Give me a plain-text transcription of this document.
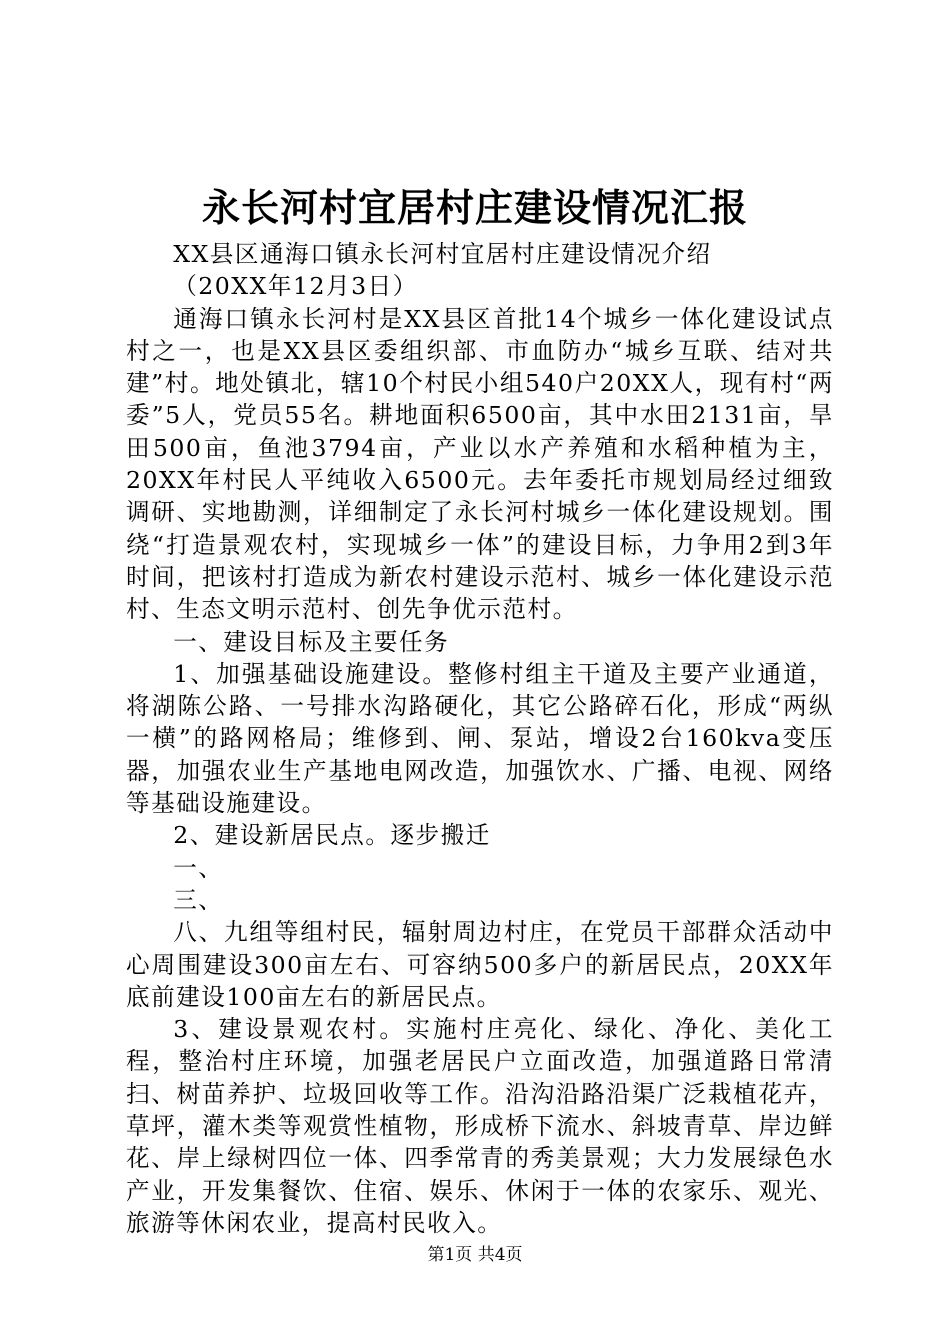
永长河村宜居村庄建设情况汇报

XX县区通海口镇永长河村宜居村庄建设情况介绍

（20XX年12月3日）

通海口镇永长河村是XX县区首批14个城乡一体化建设试点村之一，也是XX县区委组织部、市血防办“城乡互联、结对共建”村。地处镇北，辖10个村民小组540户20XX人，现有村“两委”5人，党员55名。耕地面积6500亩，其中水田2131亩，旱田500亩，鱼池3794亩，产业以水产养殖和水稻种植为主，20XX年村民人平纯收入6500元。去年委托市规划局经过细致调研、实地勘测，详细制定了永长河村城乡一体化建设规划。围绕“打造景观农村，实现城乡一体”的建设目标，力争用2到3年时间，把该村打造成为新农村建设示范村、城乡一体化建设示范村、生态文明示范村、创先争优示范村。

一、建设目标及主要任务

1、加强基础设施建设。整修村组主干道及主要产业通道，将湖陈公路、一号排水沟路硬化，其它公路碎石化，形成“两纵一横”的路网格局；维修到、闸、泵站，增设2台160kva变压器，加强农业生产基地电网改造，加强饮水、广播、电视、网络等基础设施建设。

2、建设新居民点。逐步搬迁

一、

三、

八、九组等组村民，辐射周边村庄，在党员干部群众活动中心周围建设300亩左右、可容纳500多户的新居民点，20XX年底前建设100亩左右的新居民点。

3、建设景观农村。实施村庄亮化、绿化、净化、美化工程，整治村庄环境，加强老居民户立面改造，加强道路日常清扫、树苗养护、垃圾回收等工作。沿沟沿路沿渠广泛栽植花卉，草坪，灌木类等观赏性植物，形成桥下流水、斜坡青草、岸边鲜花、岸上绿树四位一体、四季常青的秀美景观；大力发展绿色水产业，开发集餐饮、住宿、娱乐、休闲于一体的农家乐、观光、旅游等休闲农业，提高村民收入。

第1页 共4页
